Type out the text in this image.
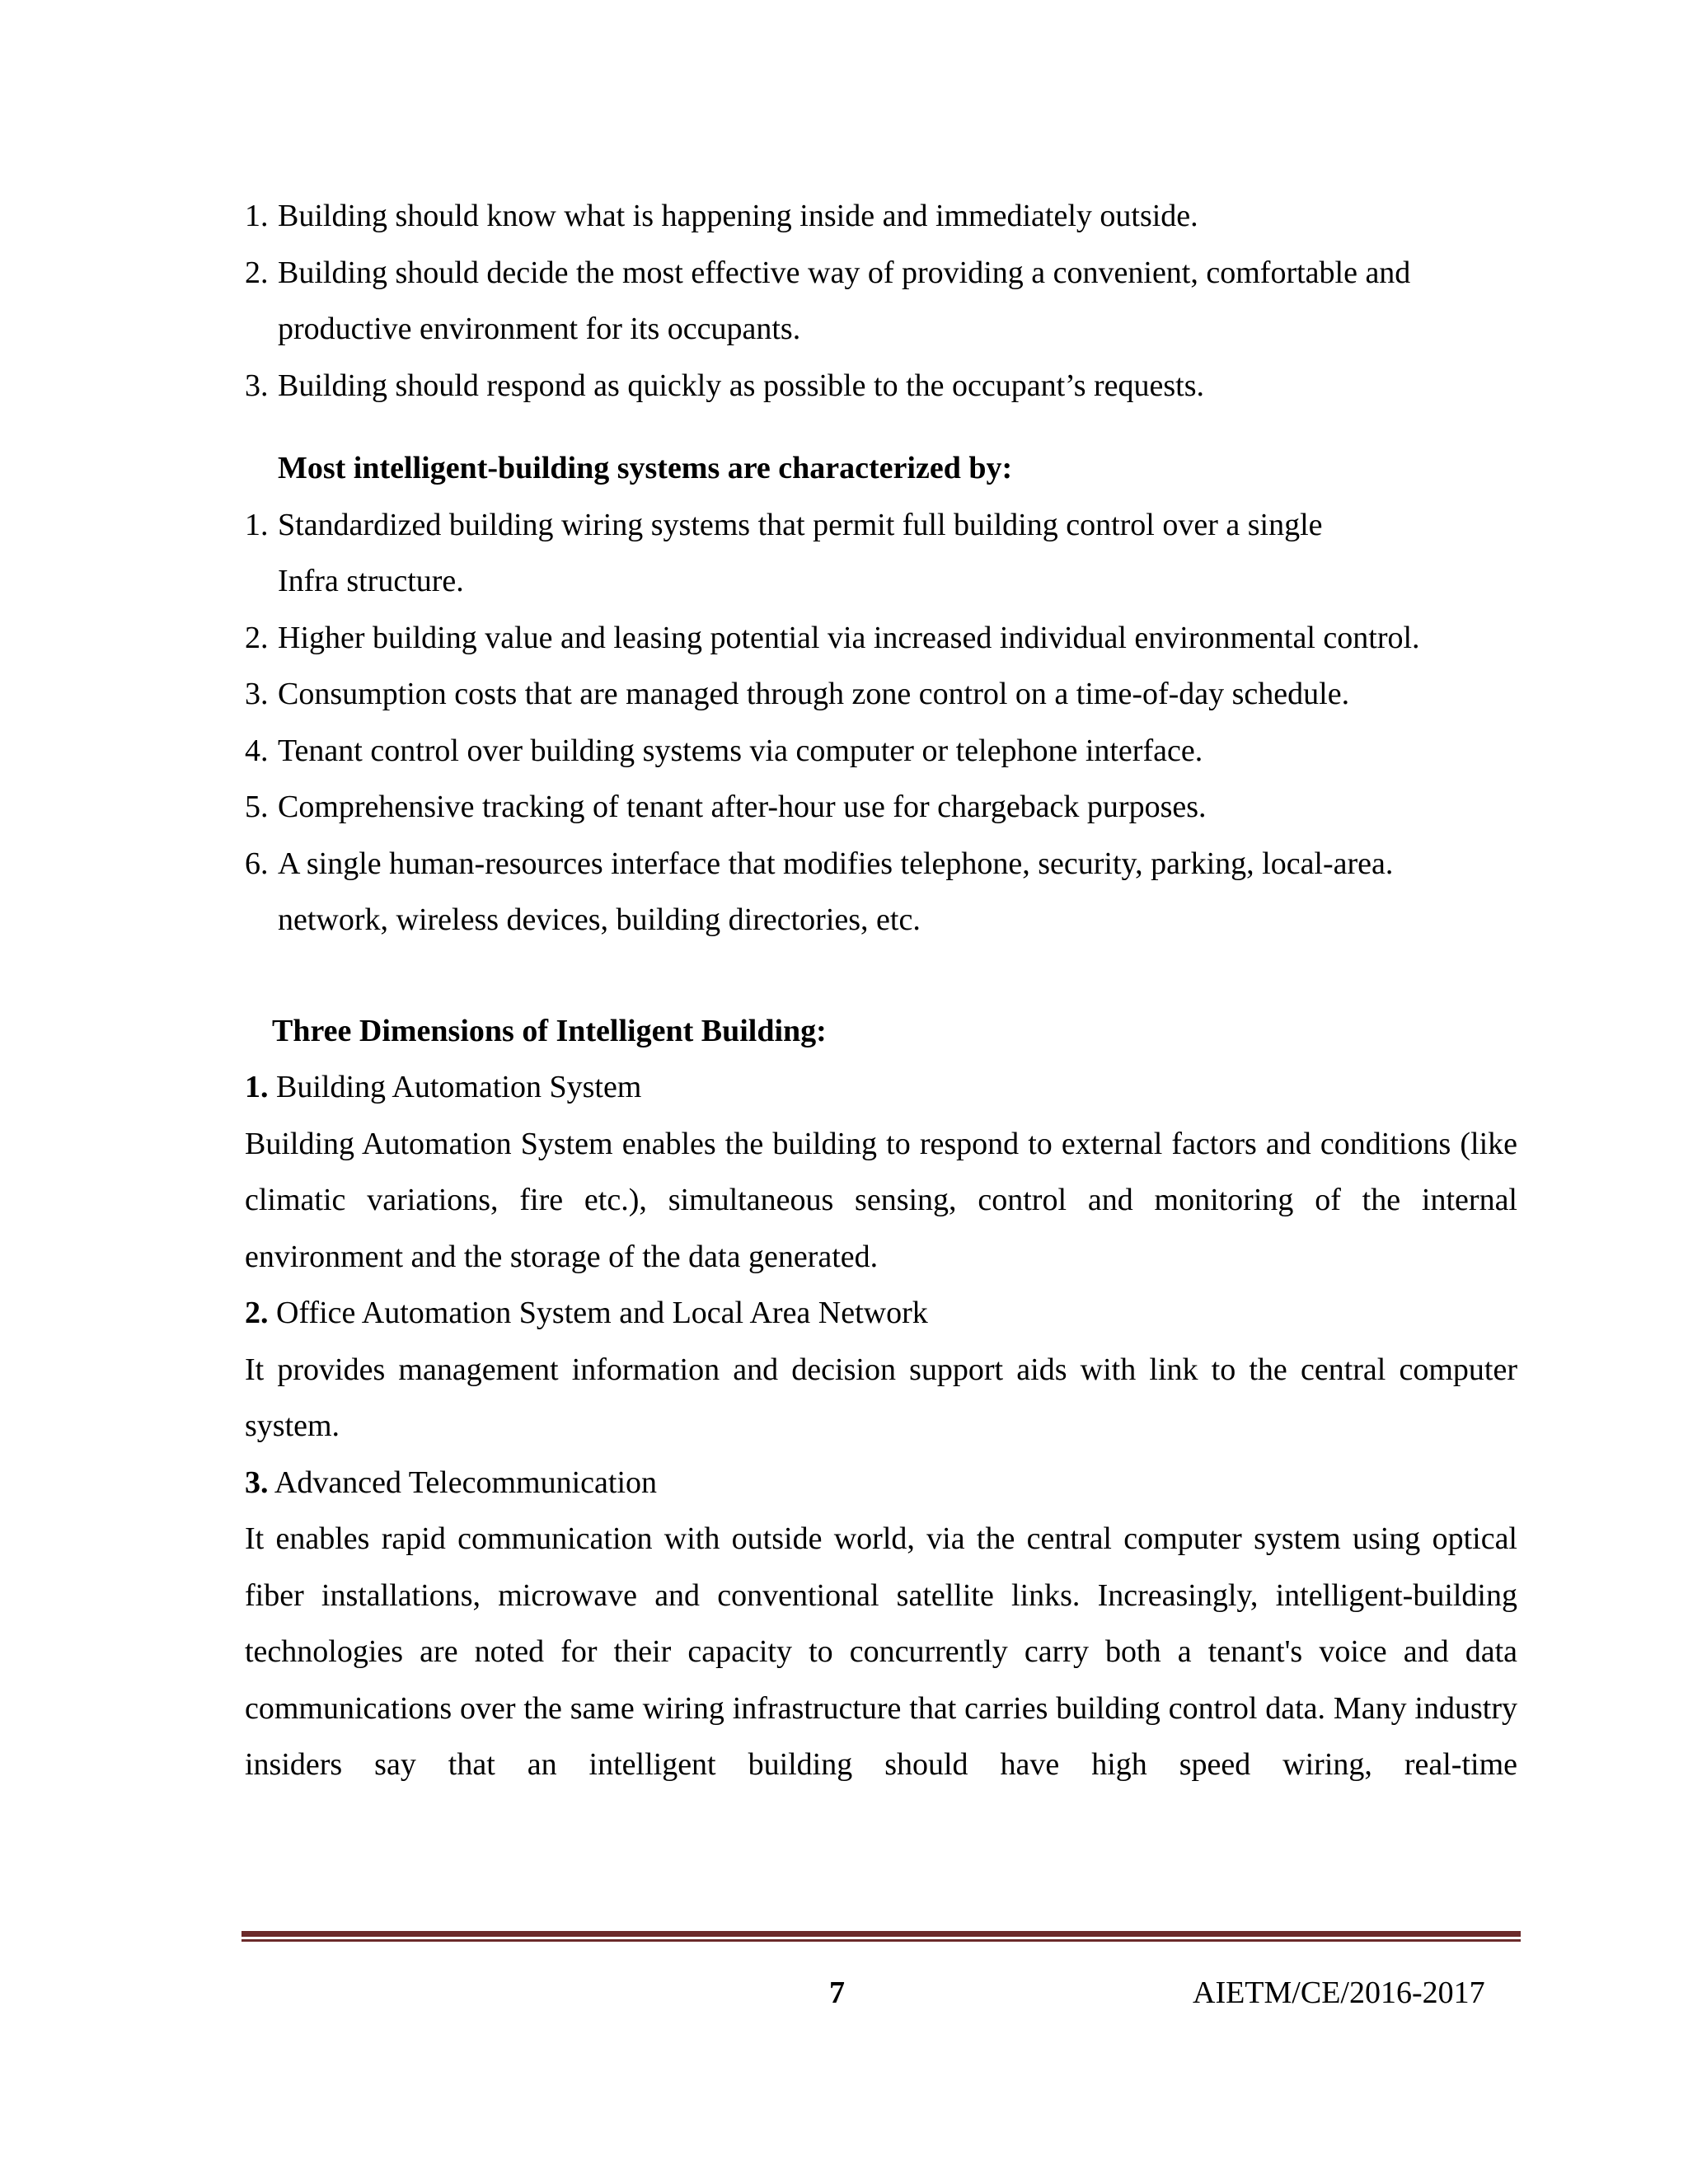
1. Building should know what is happening inside and immediately outside.
2. Building should decide the most effective way of providing a convenient, comfortable and productive environment for its occupants.
3. Building should respond as quickly as possible to the occupant’s requests.
Most intelligent-building systems are characterized by:
1. Standardized building wiring systems that permit full building control over a single
Infra structure.
2. Higher building value and leasing potential via increased individual environmental control.
3. Consumption costs that are managed through zone control on a time-of-day schedule.
4. Tenant control over building systems via computer or telephone interface.
5. Comprehensive tracking of tenant after-hour use for chargeback purposes.
6. A single human-resources interface that modifies telephone, security, parking, local-area.
network, wireless devices, building directories, etc.
Three Dimensions of Intelligent Building:
1. Building Automation System
Building Automation System enables the building to respond to external factors and conditions (like climatic variations, fire etc.), simultaneous sensing, control and monitoring of the internal environment and the storage of the data generated.
2. Office Automation System and Local Area Network
It provides management information and decision support aids with link to the central computer system.
3. Advanced Telecommunication
It enables rapid communication with outside world, via the central computer system using optical fiber installations, microwave and conventional satellite links. Increasingly, intelligent-building technologies are noted for their capacity to concurrently carry both a tenant's voice and data communications over the same wiring infrastructure that carries building control data. Many industry insiders say that an intelligent building should have high speed wiring, real-time
7	AIETM/CE/2016-2017
